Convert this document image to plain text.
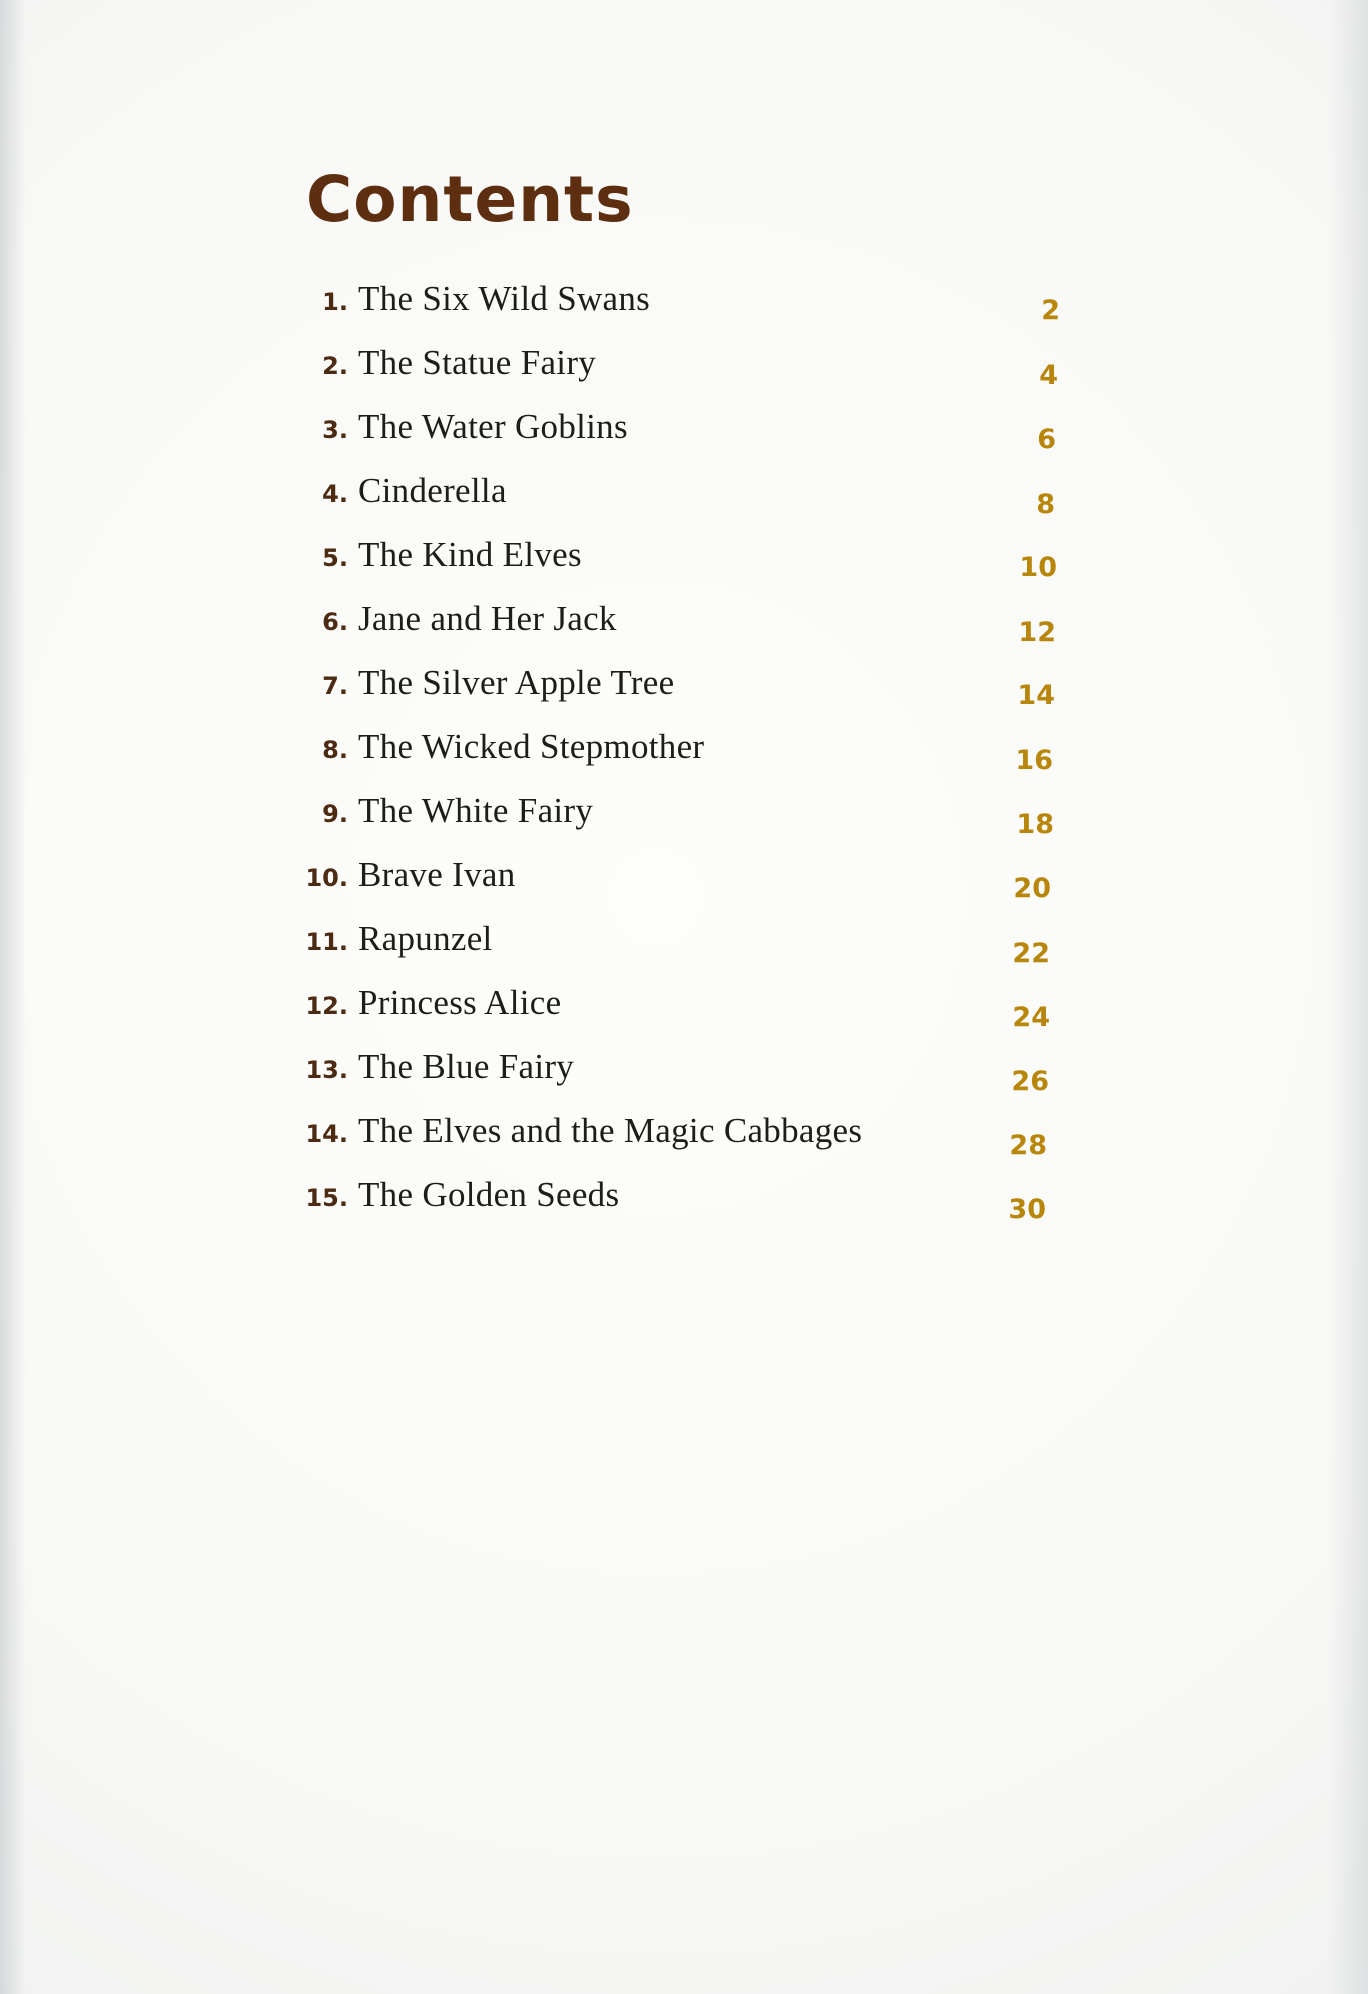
Contents
1. The Six Wild Swans	2
2. The Statue Fairy	4
3. The Water Goblins	6
4. Cinderella	8
5. The Kind Elves	10
6. Jane and Her Jack	12
7. The Silver Apple Tree	14
8. The Wicked Stepmother	16
9. The White Fairy	18
10. Brave Ivan	20
11. Rapunzel	22
12. Princess Alice	24
13. The Blue Fairy	26
14. The Elves and the Magic Cabbages	28
15. The Golden Seeds	30
